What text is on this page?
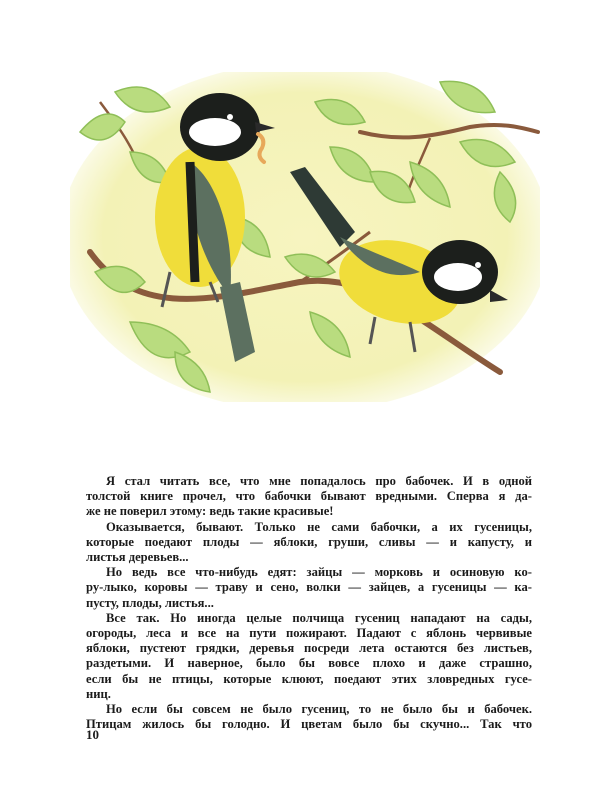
Я стал читать все, что мне попадалось про бабочек. И в одной
толстой книге прочел, что бабочки бывают вредными. Сперва я да-
же не поверил этому: ведь такие красивые!
Оказывается, бывают. Только не сами бабочки, а их гусеницы,
которые поедают плоды — яблоки, груши, сливы — и капусту, и
листья деревьев...
Но ведь все что-нибудь едят: зайцы — морковь и осиновую ко-
ру-лыко, коровы — траву и сено, волки — зайцев, а гусеницы — ка-
пусту, плоды, листья...
Все так. Но иногда целые полчища гусениц нападают на сады,
огороды, леса и все на пути пожирают. Падают с яблонь червивые
яблоки, пустеют грядки, деревья посреди лета остаются без листьев,
раздетыми. И наверное, было бы вовсе плохо и даже страшно,
если бы не птицы, которые клюют, поедают этих зловредных гусе-
ниц.
Но если бы совсем не было гусениц, то не было бы и бабочек.
Птицам жилось бы голодно. И цветам было бы скучно... Так что
10
